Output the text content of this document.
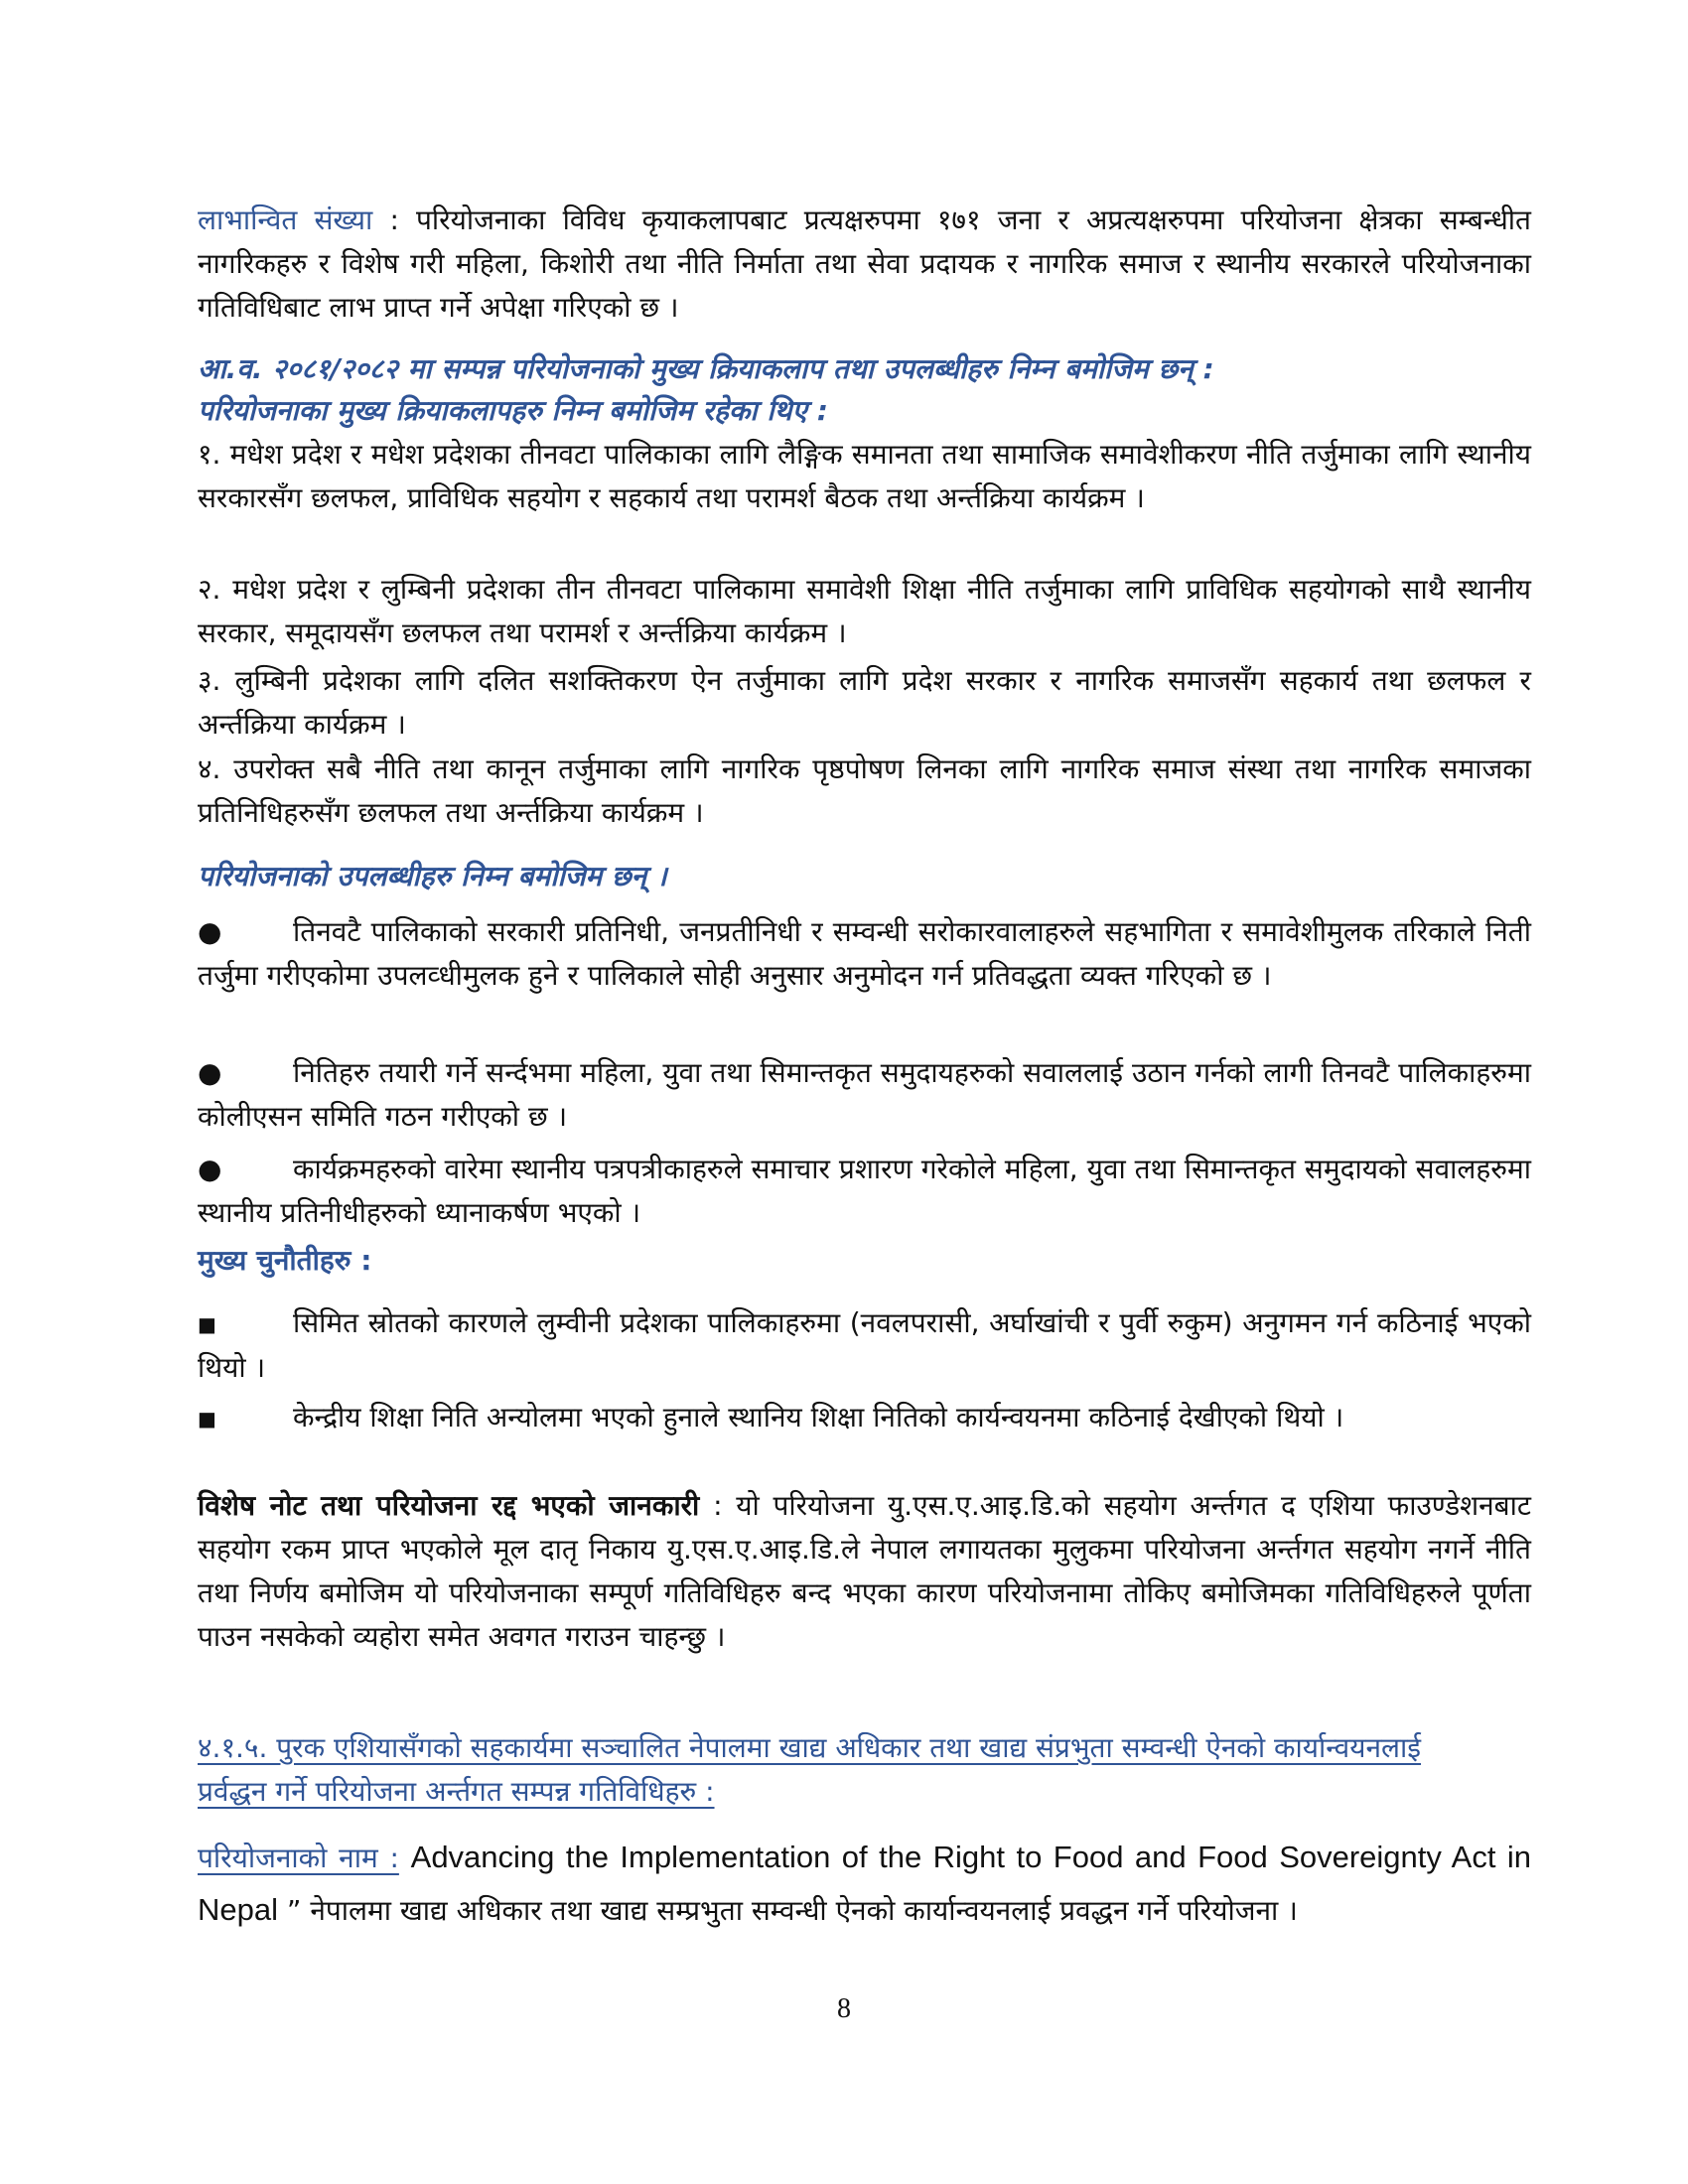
लाभान्वित संख्या : परियोजनाका विविध कृयाकलापबाट प्रत्यक्षरुपमा १७१ जना र अप्रत्यक्षरुपमा परियोजना क्षेत्रका सम्बन्धीत नागरिकहरु र विशेष गरी महिला, किशोरी तथा नीति निर्माता तथा सेवा प्रदायक र नागरिक समाज र स्थानीय सरकारले परियोजनाका गतिविधिबाट लाभ प्राप्त गर्ने अपेक्षा गरिएको छ ।
आ.व. २०८१/२०८२ मा सम्पन्न परियोजनाको मुख्य क्रियाकलाप तथा उपलब्धीहरु निम्न बमोजिम छन् :
परियोजनाका मुख्य क्रियाकलापहरु निम्न बमोजिम रहेका थिए :
१. मधेश प्रदेश र मधेश प्रदेशका तीनवटा पालिकाका लागि लैङ्गिक समानता तथा सामाजिक समावेशीकरण नीति तर्जुमाका लागि स्थानीय सरकारसँग छलफल, प्राविधिक सहयोग र सहकार्य तथा परामर्श बैठक तथा अर्न्तक्रिया कार्यक्रम ।
२. मधेश प्रदेश र लुम्बिनी प्रदेशका तीन तीनवटा पालिकामा समावेशी शिक्षा नीति तर्जुमाका लागि प्राविधिक सहयोगको साथै स्थानीय सरकार, समूदायसँग छलफल तथा परामर्श र अर्न्तक्रिया कार्यक्रम ।
३. लुम्बिनी प्रदेशका लागि दलित सशक्तिकरण ऐन तर्जुमाका लागि प्रदेश सरकार र नागरिक समाजसँग सहकार्य तथा छलफल र अर्न्तक्रिया कार्यक्रम ।
४. उपरोक्त सबै नीति तथा कानून तर्जुमाका लागि नागरिक पृष्ठपोषण लिनका लागि नागरिक समाज संस्था तथा नागरिक समाजका प्रतिनिधिहरुसँग छलफल तथा अर्न्तक्रिया कार्यक्रम ।
परियोजनाको उपलब्धीहरु निम्न बमोजिम छन् ।
●	तिनवटै पालिकाको सरकारी प्रतिनिधी, जनप्रतीनिधी र सम्वन्धी सरोकारवालाहरुले सहभागिता र समावेशीमुलक तरिकाले निती तर्जुमा गरीएकोमा उपलव्धीमुलक हुने र पालिकाले सोही अनुसार अनुमोदन गर्न प्रतिवद्धता व्यक्त गरिएको छ ।
●	नितिहरु तयारी गर्ने सर्न्दभमा महिला, युवा तथा सिमान्तकृत समुदायहरुको सवाललाई उठान गर्नको लागी तिनवटै पालिकाहरुमा कोलीएसन समिति गठन गरीएको छ ।
●	कार्यक्रमहरुको वारेमा स्थानीय पत्रपत्रीकाहरुले समाचार प्रशारण गरेकोले महिला, युवा तथा सिमान्तकृत समुदायको सवालहरुमा स्थानीय प्रतिनीधीहरुको ध्यानाकर्षण भएको ।
मुख्य चुनौतीहरु :
■	सिमित स्रोतको कारणले लुम्वीनी प्रदेशका पालिकाहरुमा (नवलपरासी, अर्घाखांची र पुर्वी रुकुम) अनुगमन गर्न कठिनाई भएको थियो ।
■	केन्द्रीय शिक्षा निति अन्योलमा भएको हुनाले स्थानिय शिक्षा नितिको कार्यन्वयनमा कठिनाई देखीएको थियो ।
विशेष नोट तथा परियोजना रद्द भएको जानकारी : यो परियोजना यु.एस.ए.आइ.डि.को सहयोग अर्न्तगत द एशिया फाउण्डेशनबाट सहयोग रकम प्राप्त भएकोले मूल दातृ निकाय यु.एस.ए.आइ.डि.ले नेपाल लगायतका मुलुकमा परियोजना अर्न्तगत सहयोग नगर्ने नीति तथा निर्णय बमोजिम यो परियोजनाका सम्पूर्ण गतिविधिहरु बन्द भएका कारण परियोजनामा तोकिए बमोजिमका गतिविधिहरुले पूर्णता पाउन नसकेको व्यहोरा समेत अवगत गराउन चाहन्छु ।
४.१.५. पुरक एशियासँगको सहकार्यमा सञ्चालित नेपालमा खाद्य अधिकार तथा खाद्य संप्रभुता सम्वन्धी ऐनको कार्यान्वयनलाई प्रर्वद्धन गर्ने परियोजना अर्न्तगत सम्पन्न गतिविधिहरु :
परियोजनाको नाम : Advancing the Implementation of the Right to Food and Food Sovereignty Act in Nepal ” नेपालमा खाद्य अधिकार तथा खाद्य सम्प्रभुता सम्वन्धी ऐनको कार्यान्वयनलाई प्रवद्धन गर्ने परियोजना ।
8
